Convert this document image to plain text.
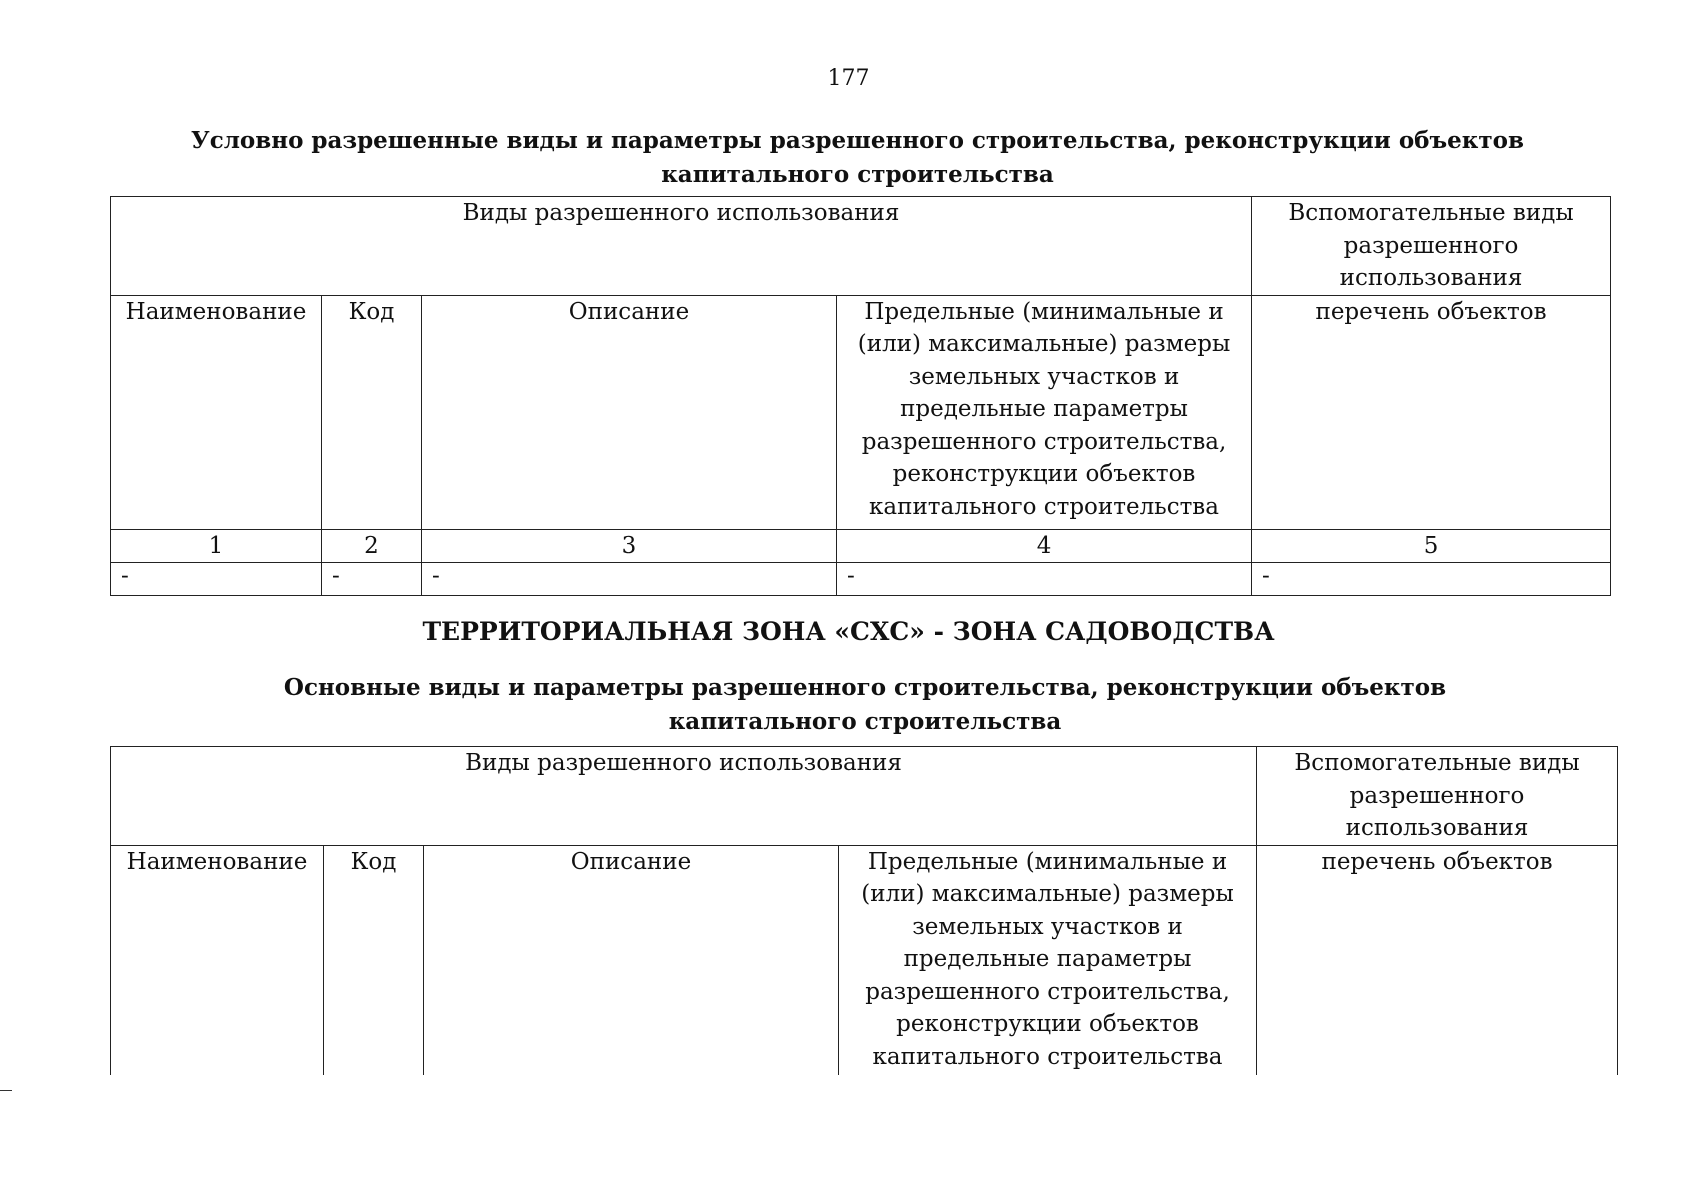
177
Условно разрешенные виды и параметры разрешенного строительства, реконструкции объектов капитального строительства
Виды разрешенного использования				Вспомогательные виды разрешенного использования
Наименование	Код	Описание	Предельные (минимальные и (или) максимальные) размеры земельных участков и предельные параметры разрешенного строительства, реконструкции объектов капитального строительства	перечень объектов
1	2	3	4	5
-	-	-	-	-
ТЕРРИТОРИАЛЬНАЯ ЗОНА «СХС» - ЗОНА САДОВОДСТВА
Основные виды и параметры разрешенного строительства, реконструкции объектов капитального строительства
Виды разрешенного использования				Вспомогательные виды разрешенного использования
Наименование	Код	Описание	Предельные (минимальные и (или) максимальные) размеры земельных участков и предельные параметры разрешенного строительства, реконструкции объектов капитального строительства	перечень объектов
